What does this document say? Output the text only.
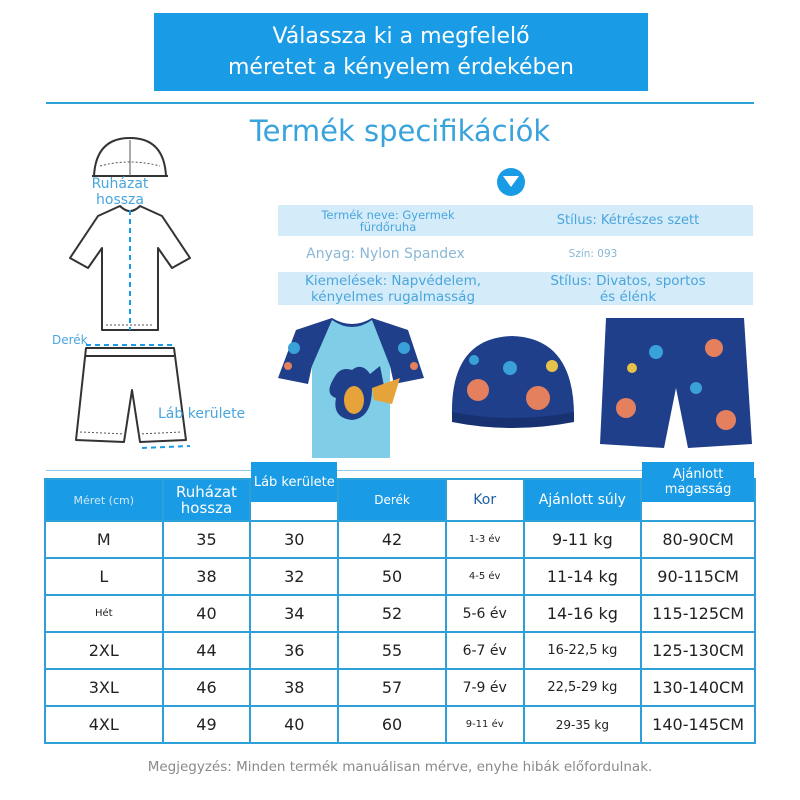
Válassza ki a megfelelő
méretet a kényelem érdekében
Termék specifikációk
Termék neve: Gyermek fürdőruha	Stílus: Kétrészes szett
Anyag: Nylon Spandex	Szín: 093
Kiemelések: Napvédelem, kényelmes rugalmasság
Stílus: Divatos, sportos és élénk
Ruházat hossza
Derék
Láb kerülete
Méret (cm)	Ruházat hossza	Láb kerülete	Derék	Kor	Ajánlott súly	Ajánlott magasság
M	35	30	42	1-3 év	9-11 kg	80-90CM
L	38	32	50	4-5 év	11-14 kg	90-115CM
Hét	40	34	52	5-6 év	14-16 kg	115-125CM
2XL	44	36	55	6-7 év	16-22,5 kg	125-130CM
3XL	46	38	57	7-9 év	22,5-29 kg	130-140CM
4XL	49	40	60	9-11 év	29-35 kg	140-145CM
Megjegyzés: Minden termék manuálisan mérve, enyhe hibák előfordulnak.
